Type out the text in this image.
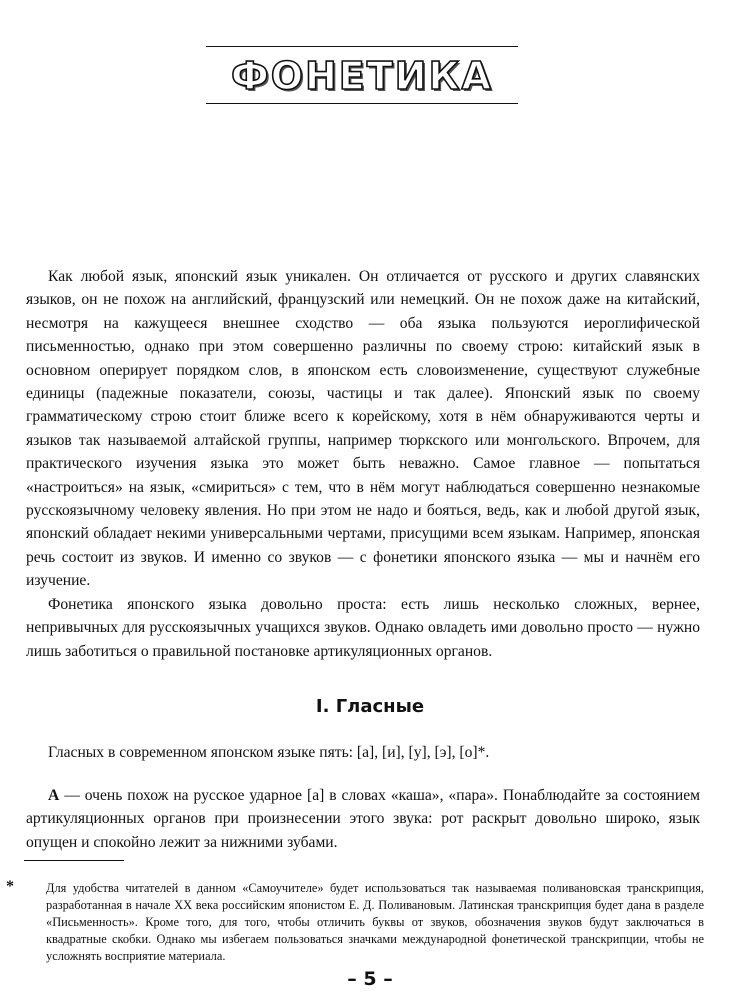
ФОНЕТИКА

Как любой язык, японский язык уникален. Он отличается от русского и других славянских языков, он не похож на английский, французский или немецкий. Он не похож даже на китайский, несмотря на кажущееся внешнее сходство — оба языка пользуются иероглифической письменностью, однако при этом совершенно различны по своему строю: китайский язык в основном оперирует порядком слов, в японском есть словоизменение, существуют служебные единицы (падежные показатели, союзы, частицы и так далее). Японский язык по своему грамматическому строю стоит ближе всего к корейскому, хотя в нём обнаруживаются черты и языков так называемой алтайской группы, например тюркского или монгольского. Впрочем, для практического изучения языка это может быть неважно. Самое главное — попытаться «настроиться» на язык, «смириться» с тем, что в нём могут наблюдаться совершенно незнакомые русскоязычному человеку явления. Но при этом не надо и бояться, ведь, как и любой другой язык, японский обладает некими универсальными чертами, присущими всем языкам. Например, японская речь состоит из звуков. И именно со звуков — с фонетики японского языка — мы и начнём его изучение.

Фонетика японского языка довольно проста: есть лишь несколько сложных, вернее, непривычных для русскоязычных учащихся звуков. Однако овладеть ими довольно просто — нужно лишь заботиться о правильной постановке артикуляционных органов.

I. Гласные

Гласных в современном японском языке пять: [а], [и], [у], [э], [о]*.

А — очень похож на русское ударное [а] в словах «каша», «пара». Понаблюдайте за состоянием артикуляционных органов при произнесении этого звука: рот раскрыт довольно широко, язык опущен и спокойно лежит за нижними зубами.

*	Для удобства читателей в данном «Самоучителе» будет использоваться так называемая поливановская транскрипция, разработанная в начале XX века российским японистом Е. Д. Поливановым. Латинская транскрипция будет дана в разделе «Письменность». Кроме того, для того, чтобы отличить буквы от звуков, обозначения звуков будут заключаться в квадратные скобки. Однако мы избегаем пользоваться значками международной фонетической транскрипции, чтобы не усложнять восприятие материала.

– 5 –
